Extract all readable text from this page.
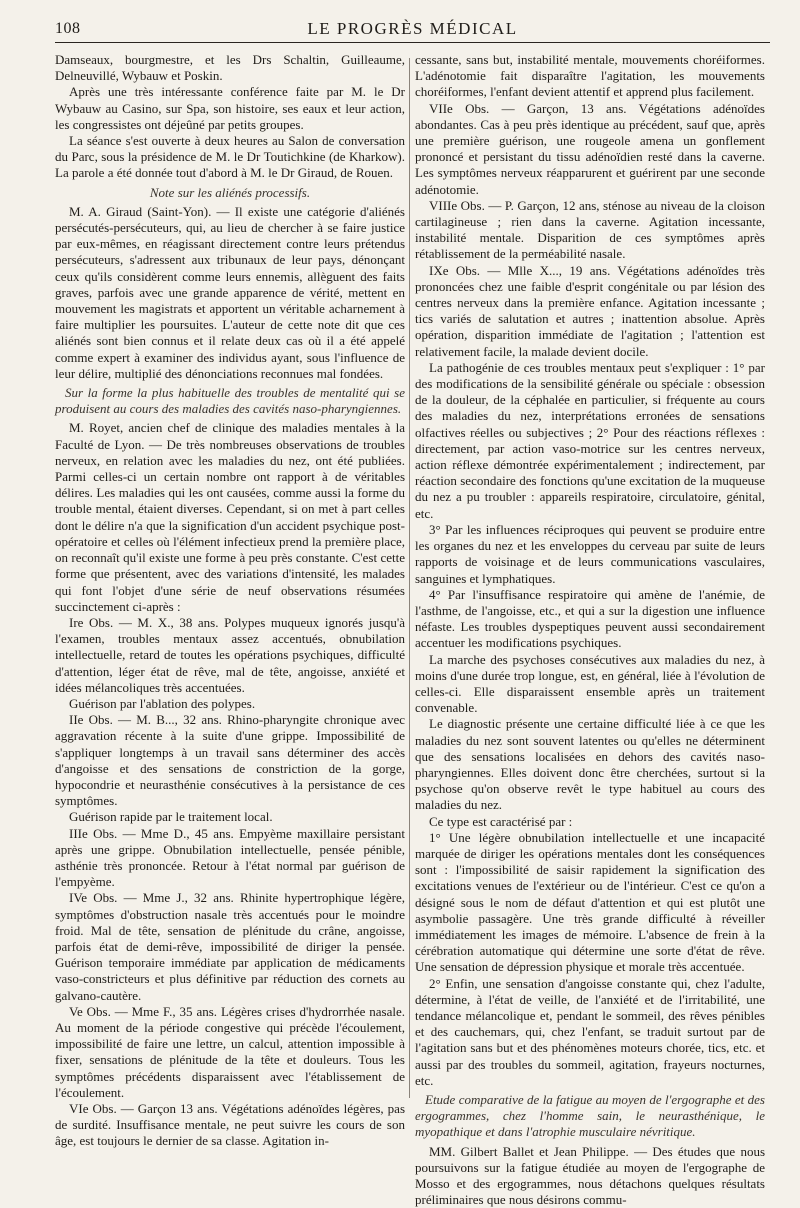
108	LE PROGRÈS MÉDICAL

Damseaux, bourgmestre, et les Drs Schaltin, Guilleaume, Delneuvillé, Wybauw et Poskin.

Après une très intéressante conférence faite par M. le Dr Wybauw au Casino, sur Spa, son histoire, ses eaux et leur action, les congressistes ont déjeûné par petits groupes.

La séance s'est ouverte à deux heures au Salon de conversation du Parc, sous la présidence de M. le Dr Toutichkine (de Kharkow). La parole a été donnée tout d'abord à M. le Dr Giraud, de Rouen.

Note sur les aliénés processifs.

M. A. Giraud (Saint-Yon). — Il existe une catégorie d'aliénés persécutés-persécuteurs, qui, au lieu de chercher à se faire justice par eux-mêmes, en réagissant directement contre leurs prétendus persécuteurs, s'adressent aux tribunaux de leur pays, dénonçant ceux qu'ils considèrent comme leurs ennemis, allèguent des faits graves, parfois avec une grande apparence de vérité, mettent en mouvement les magistrats et apportent un véritable acharnement à faire multiplier les poursuites. L'auteur de cette note dit que ces aliénés sont bien connus et il relate deux cas où il a été appelé comme expert à examiner des individus ayant, sous l'influence de leur délire, multiplié des dénonciations reconnues mal fondées.

Sur la forme la plus habituelle des troubles de mentalité qui se produisent au cours des maladies des cavités naso-pharyngiennes.

M. Royet, ancien chef de clinique des maladies mentales à la Faculté de Lyon. — De très nombreuses observations de troubles nerveux, en relation avec les maladies du nez, ont été publiées. Parmi celles-ci un certain nombre ont rapport à de véritables délires. Les maladies qui les ont causées, comme aussi la forme du trouble mental, étaient diverses. Cependant, si on met à part celles dont le délire n'a que la signification d'un accident psychique post-opératoire et celles où l'élément infectieux prend la première place, on reconnaît qu'il existe une forme à peu près constante. C'est cette forme que présentent, avec des variations d'intensité, les malades qui font l'objet d'une série de neuf observations résumées succinctement ci-après :

Ire Obs. — M. X., 38 ans. Polypes muqueux ignorés jusqu'à l'examen, troubles mentaux assez accentués, obnubilation intellectuelle, retard de toutes les opérations psychiques, difficulté d'attention, léger état de rêve, mal de tête, angoisse, anxiété et idées mélancoliques très accentuées.

Guérison par l'ablation des polypes.

IIe Obs. — M. B..., 32 ans. Rhino-pharyngite chronique avec aggravation récente à la suite d'une grippe. Impossibilité de s'appliquer longtemps à un travail sans déterminer des accès d'angoisse et des sensations de constriction de la gorge, hypocondrie et neurasthénie consécutives à la persistance de ces symptômes.

Guérison rapide par le traitement local.

IIIe Obs. — Mme D., 45 ans. Empyème maxillaire persistant après une grippe. Obnubilation intellectuelle, pensée pénible, asthénie très prononcée. Retour à l'état normal par guérison de l'empyème.

IVe Obs. — Mme J., 32 ans. Rhinite hypertrophique légère, symptômes d'obstruction nasale très accentués pour le moindre froid. Mal de tête, sensation de plénitude du crâne, angoisse, parfois état de demi-rêve, impossibilité de diriger la pensée. Guérison temporaire immédiate par application de médicaments vaso-constricteurs et plus définitive par réduction des cornets au galvano-cautère.

Ve Obs. — Mme F., 35 ans. Légères crises d'hydrorrhée nasale. Au moment de la période congestive qui précède l'écoulement, impossibilité de faire une lettre, un calcul, attention impossible à fixer, sensations de plénitude de la tête et douleurs. Tous les symptômes précédents disparaissent avec l'établissement de l'écoulement.

VIe Obs. — Garçon 13 ans. Végétations adénoïdes légères, pas de surdité. Insuffisance mentale, ne peut suivre les cours de son âge, est toujours le dernier de sa classe. Agitation in-

cessante, sans but, instabilité mentale, mouvements choréiformes. L'adénotomie fait disparaître l'agitation, les mouvements choréiformes, l'enfant devient attentif et apprend plus facilement.

VIIe Obs. — Garçon, 13 ans. Végétations adénoïdes abondantes. Cas à peu près identique au précédent, sauf que, après une première guérison, une rougeole amena un gonflement prononcé et persistant du tissu adénoïdien resté dans la caverne. Les symptômes nerveux réapparurent et guérirent par une seconde adénotomie.

VIIIe Obs. — P. Garçon, 12 ans, sténose au niveau de la cloison cartilagineuse ; rien dans la caverne. Agitation incessante, instabilité mentale. Disparition de ces symptômes après rétablissement de la perméabilité nasale.

IXe Obs. — Mlle X..., 19 ans. Végétations adénoïdes très prononcées chez une faible d'esprit congénitale ou par lésion des centres nerveux dans la première enfance. Agitation incessante ; tics variés de salutation et autres ; inattention absolue. Après opération, disparition immédiate de l'agitation ; l'attention est relativement facile, la malade devient docile.

La pathogénie de ces troubles mentaux peut s'expliquer : 1° par des modifications de la sensibilité générale ou spéciale : obsession de la douleur, de la céphalée en particulier, si fréquente au cours des maladies du nez, interprétations erronées de sensations olfactives réelles ou subjectives ; 2° Pour des réactions réflexes : directement, par action vaso-motrice sur les centres nerveux, action réflexe démontrée expérimentalement ; indirectement, par réaction secondaire des fonctions qu'une excitation de la muqueuse du nez a pu troubler : appareils respiratoire, circulatoire, génital, etc.

3° Par les influences réciproques qui peuvent se produire entre les organes du nez et les enveloppes du cerveau par suite de leurs rapports de voisinage et de leurs communications vasculaires, sanguines et lymphatiques.

4° Par l'insuffisance respiratoire qui amène de l'anémie, de l'asthme, de l'angoisse, etc., et qui a sur la digestion une influence néfaste. Les troubles dyspeptiques peuvent aussi secondairement accentuer les modifications psychiques.

La marche des psychoses consécutives aux maladies du nez, à moins d'une durée trop longue, est, en général, liée à l'évolution de celles-ci. Elle disparaissent ensemble après un traitement convenable.

Le diagnostic présente une certaine difficulté liée à ce que les maladies du nez sont souvent latentes ou qu'elles ne déterminent que des sensations localisées en dehors des cavités naso-pharyngiennes. Elles doivent donc être cherchées, surtout si la psychose qu'on observe revêt le type habituel au cours des maladies du nez.

Ce type est caractérisé par :

1° Une légère obnubilation intellectuelle et une incapacité marquée de diriger les opérations mentales dont les conséquences sont : l'impossibilité de saisir rapidement la signification des excitations venues de l'extérieur ou de l'intérieur. C'est ce qu'on a désigné sous le nom de défaut d'attention et qui est plutôt une asymbolie passagère. Une très grande difficulté à réveiller immédiatement les images de mémoire. L'absence de frein à la cérébration automatique qui détermine une sorte d'état de rêve. Une sensation de dépression physique et morale très accentuée.

2° Enfin, une sensation d'angoisse constante qui, chez l'adulte, détermine, à l'état de veille, de l'anxiété et de l'irritabilité, une tendance mélancolique et, pendant le sommeil, des rêves pénibles et des cauchemars, qui, chez l'enfant, se traduit surtout par de l'agitation sans but et des phénomènes moteurs chorée, tics, etc. et aussi par des troubles du sommeil, agitation, frayeurs nocturnes, etc.

Etude comparative de la fatigue au moyen de l'ergographe et des ergogrammes, chez l'homme sain, le neurasthénique, le myopathique et dans l'atrophie musculaire névritique.

MM. Gilbert Ballet et Jean Philippe. — Des études que nous poursuivons sur la fatigue étudiée au moyen de l'ergographe de Mosso et des ergogrammes, nous détachons quelques résultats préliminaires que nous désirons commu-
